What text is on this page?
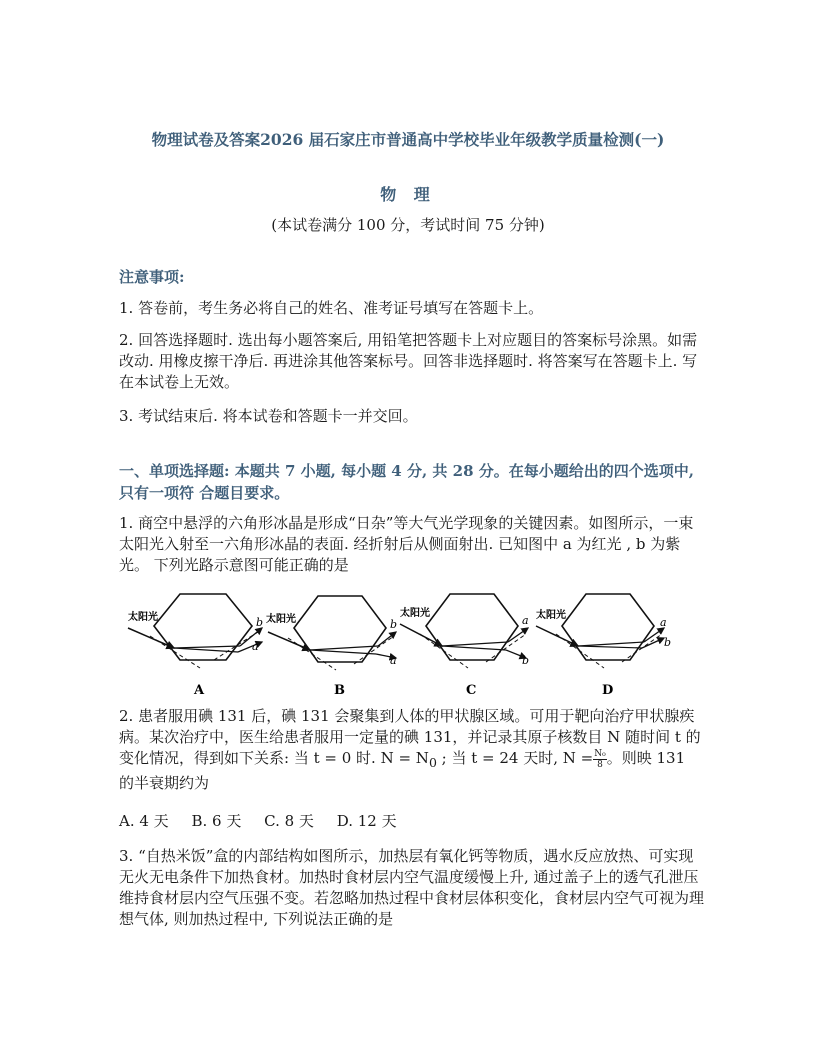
物理试卷及答案2026 届石家庄市普通高中学校毕业年级教学质量检测(一)
物 理
(本试卷满分 100 分，考试时间 75 分钟)
注意事项:
1. 答卷前，考生务必将自己的姓名、准考证号填写在答题卡上。
2. 回答选择题时. 选出每小题答案后, 用铅笔把答题卡上对应题目的答案标号涂黑。如需改动. 用橡皮擦干净后. 再进涂其他答案标号。回答非选择题时. 将答案写在答题卡上. 写在本试卷上无效。
3. 考试结束后. 将本试卷和答题卡一并交回。
一、单项选择题: 本题共 7 小题, 每小题 4 分, 共 28 分。在每小题给出的四个选项中, 只有一项符 合题目要求。
1. 商空中悬浮的六角形冰晶是形成“日杂”等大气光学现象的关键因素。如图所示，一束太阳光入射至一六角形冰晶的表面. 经折射后从侧面射出. 已知图中 a 为红光 , b 为紫光。 下列光路示意图可能正确的是
太阳光	b
a
A
太阳光	b
a
B
太阳光
a
b
C
太阳光
a
b
D
2. 患者服用碘 131 后，碘 131 会聚集到人体的甲状腺区域。可用于靶向治疗甲状腺疾病。某次治疗中，医生给患者服用一定量的碘 131，并记录其原子核数目 N 随时间 t 的变化情况，得到如下关系: 当 t = 0 时. $N = N_0$ ; 当 t = 24 天时, $N = \frac{\text{N₀}}{8}$ 。则映 131 的半衰期约为
A. 4 天 B. 6 天 C. 8 天 D. 12 天
3. “自热米饭”盒的内部结构如图所示，加热层有氧化钙等物质，遇水反应放热、可实现无火无电条件下加热食材。加热时食材层内空气温度缓慢上升, 通过盖子上的透气孔泄压维持食材层内空气压强不变。若忽略加热过程中食材层体积变化，食材层内空气可视为理想气体, 则加热过程中, 下列说法正确的是
